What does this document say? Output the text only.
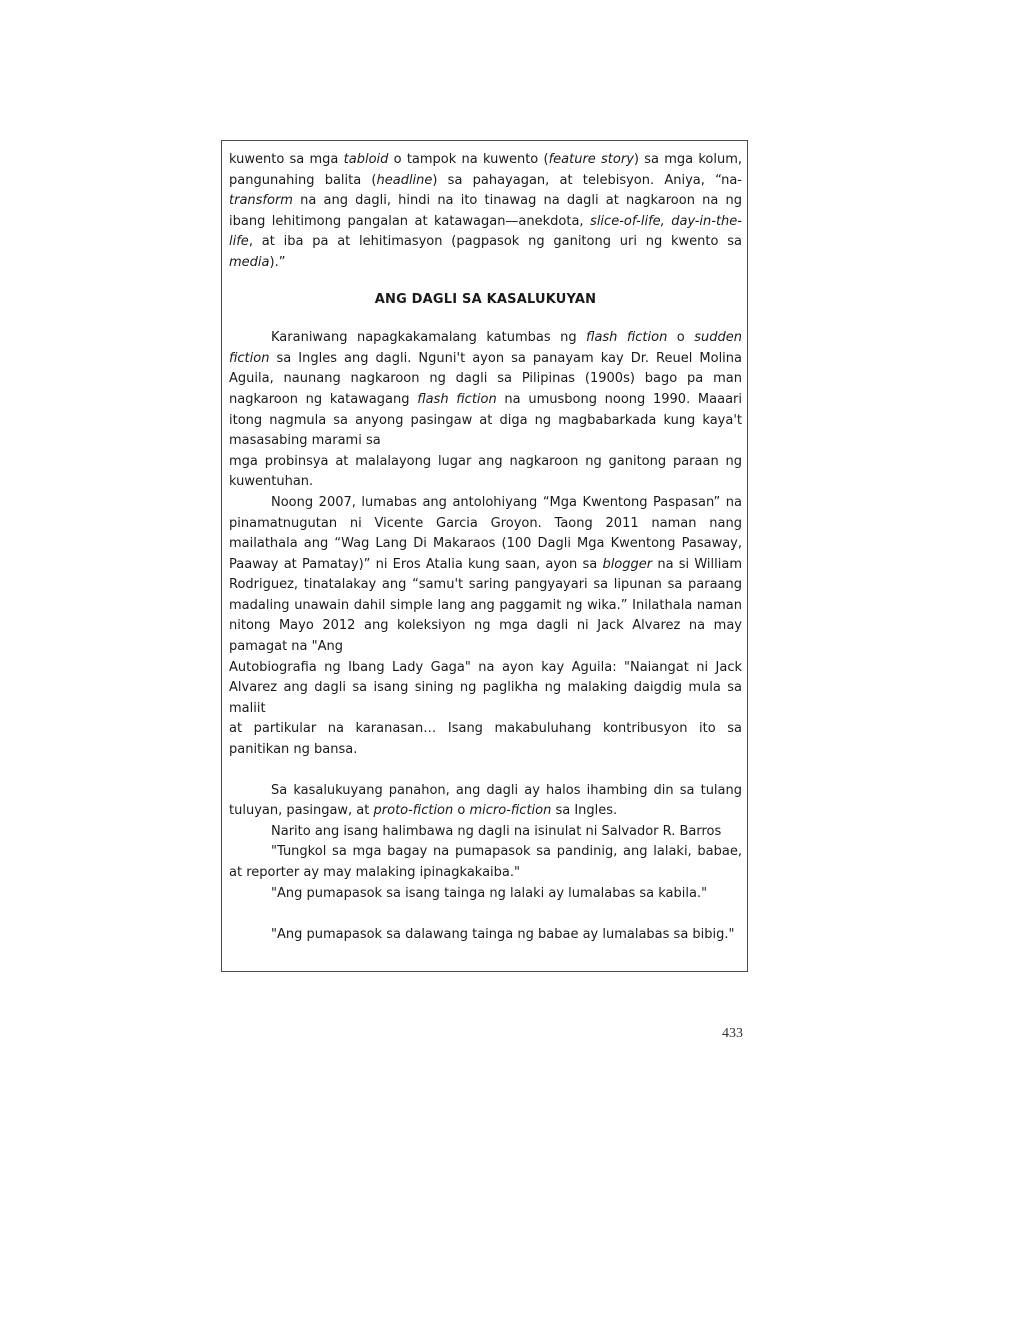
kuwento sa mga tabloid o tampok na kuwento (feature story) sa mga kolum, pangunahing balita (headline) sa pahayagan, at telebisyon. Aniya, “na-transform na ang dagli, hindi na ito tinawag na dagli at nagkaroon na ng ibang lehitimong pangalan at katawagan—anekdota, slice-of-life, day-in-the-life, at iba pa at lehitimasyon (pagpasok ng ganitong uri ng kwento sa media).”

ANG DAGLI SA KASALUKUYAN

Karaniwang napagkakamalang katumbas ng flash fiction o sudden fiction sa Ingles ang dagli. Nguni't ayon sa panayam kay Dr. Reuel Molina Aguila, naunang nagkaroon ng dagli sa Pilipinas (1900s) bago pa man nagkaroon ng katawagang flash fiction na umusbong noong 1990. Maaari itong nagmula sa anyong pasingaw at diga ng magbabarkada kung kaya't masasabing marami sa

mga probinsya at malalayong lugar ang nagkaroon ng ganitong paraan ng kuwentuhan.

Noong 2007, lumabas ang antolohiyang “Mga Kwentong Paspasan” na pinamatnugutan ni Vicente Garcia Groyon. Taong 2011 naman nang mailathala ang “Wag Lang Di Makaraos (100 Dagli Mga Kwentong Pasaway, Paaway at Pamatay)” ni Eros Atalia kung saan, ayon sa blogger na si William Rodriguez, tinatalakay ang “samu't saring pangyayari sa lipunan sa paraang madaling unawain dahil simple lang ang paggamit ng wika.” Inilathala naman nitong Mayo 2012 ang koleksiyon ng mga dagli ni Jack Alvarez na may pamagat na "Ang

Autobiografia ng Ibang Lady Gaga" na ayon kay Aguila: "Naiangat ni Jack Alvarez ang dagli sa isang sining ng paglikha ng malaking daigdig mula sa maliit

at partikular na karanasan… Isang makabuluhang kontribusyon ito sa panitikan ng bansa.

Sa kasalukuyang panahon, ang dagli ay halos ihambing din sa tulang tuluyan, pasingaw, at proto-fiction o micro-fiction sa Ingles.

Narito ang isang halimbawa ng dagli na isinulat ni Salvador R. Barros

"Tungkol sa mga bagay na pumapasok sa pandinig, ang lalaki, babae, at reporter ay may malaking ipinagkakaiba."

"Ang pumapasok sa isang tainga ng lalaki ay lumalabas sa kabila."

"Ang pumapasok sa dalawang tainga ng babae ay lumalabas sa bibig."

433
